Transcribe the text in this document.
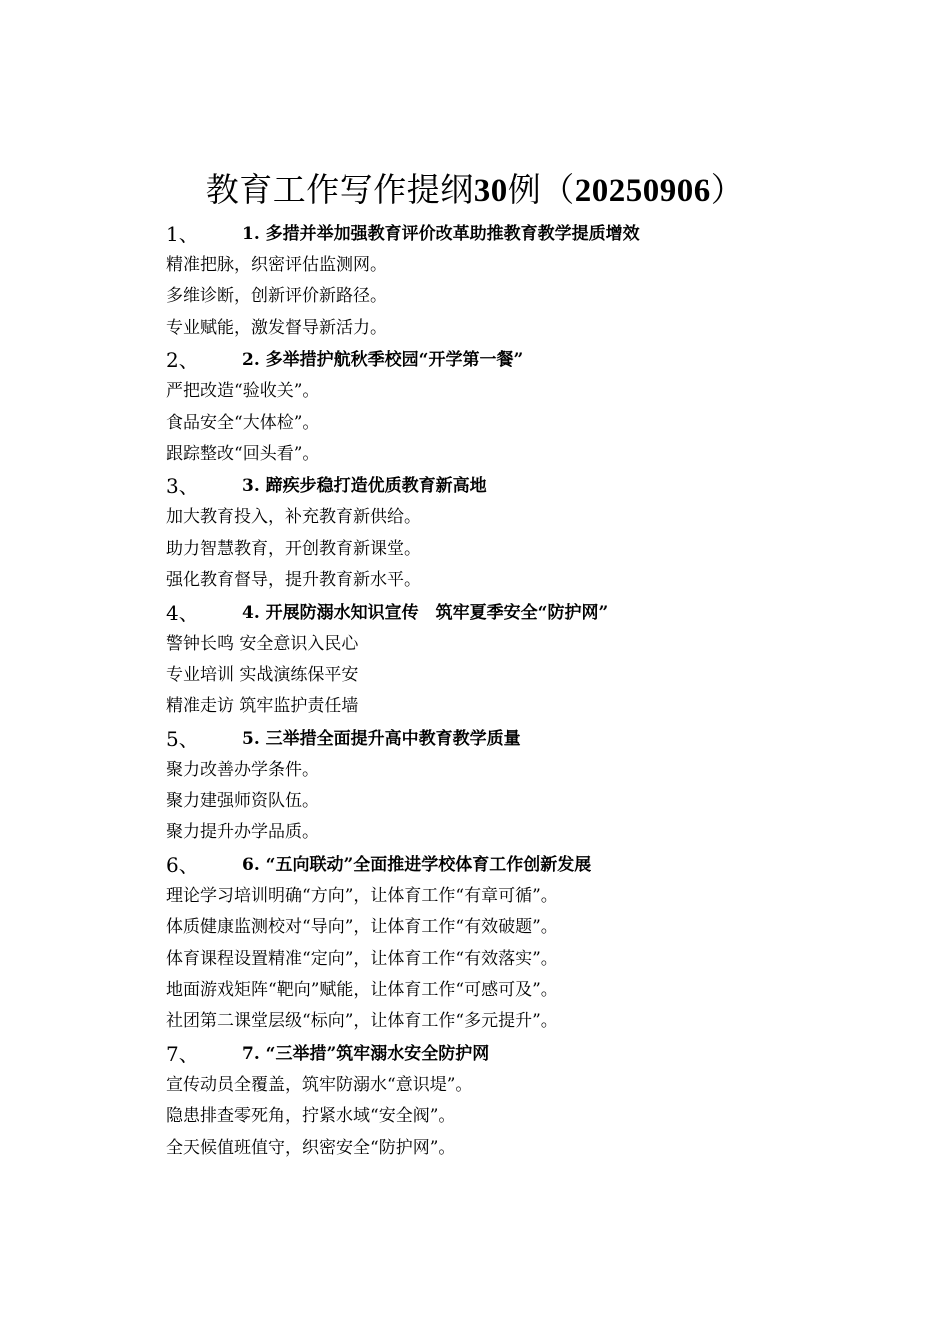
教育工作写作提纲30例（20250906）
1、	1. 多措并举加强教育评价改革助推教育教学提质增效
精准把脉，织密评估监测网。
多维诊断，创新评价新路径。
专业赋能，激发督导新活力。
2、	2. 多举措护航秋季校园“开学第一餐”
严把改造“验收关”。
食品安全“大体检”。
跟踪整改“回头看”。
3、	3. 蹄疾步稳打造优质教育新高地
加大教育投入，补充教育新供给。
助力智慧教育，开创教育新课堂。
强化教育督导，提升教育新水平。
4、	4. 开展防溺水知识宣传　筑牢夏季安全“防护网”
警钟长鸣 安全意识入民心
专业培训 实战演练保平安
精准走访 筑牢监护责任墙
5、	5. 三举措全面提升高中教育教学质量
聚力改善办学条件。
聚力建强师资队伍。
聚力提升办学品质。
6、	6. “五向联动”全面推进学校体育工作创新发展
理论学习培训明确“方向”，让体育工作“有章可循”。
体质健康监测校对“导向”，让体育工作“有效破题”。
体育课程设置精准“定向”，让体育工作“有效落实”。
地面游戏矩阵“靶向”赋能，让体育工作“可感可及”。
社团第二课堂层级“标向”，让体育工作“多元提升”。
7、	7. “三举措”筑牢溺水安全防护网
宣传动员全覆盖，筑牢防溺水“意识堤”。
隐患排查零死角，拧紧水域“安全阀”。
全天候值班值守，织密安全“防护网”。
